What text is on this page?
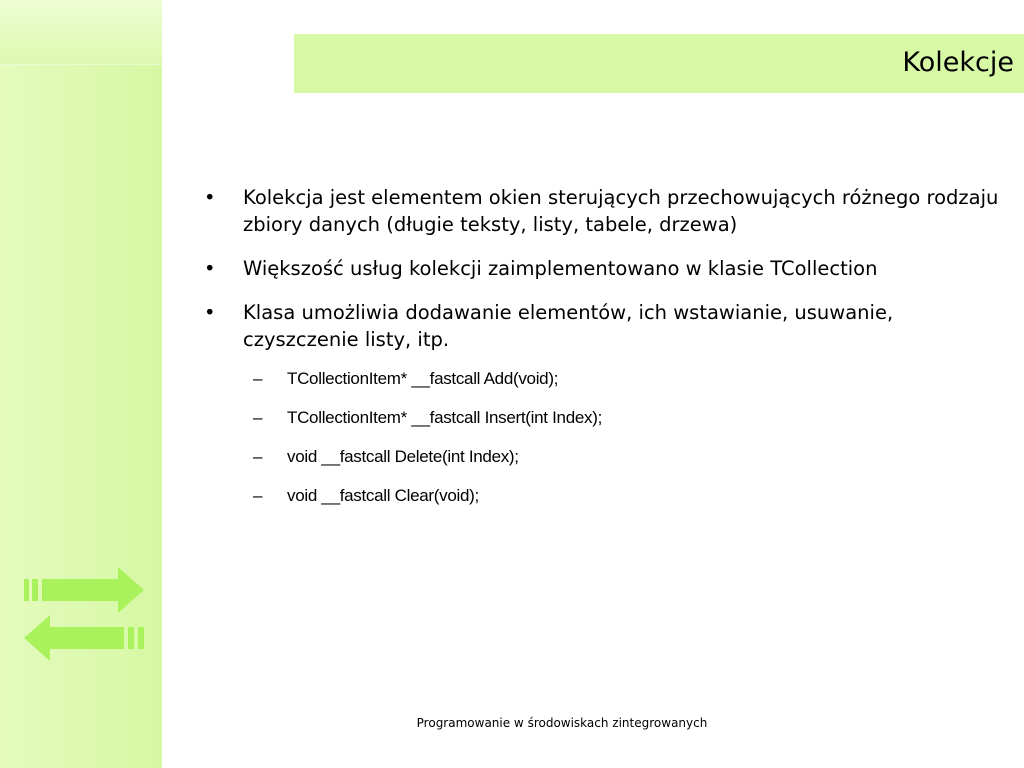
Kolekcje
• Kolekcja jest elementem okien sterujących przechowujących różnego rodzaju zbiory danych (długie teksty, listy, tabele, drzewa)
• Większość usług kolekcji zaimplementowano w klasie TCollection
• Klasa umożliwia dodawanie elementów, ich wstawianie, usuwanie, czyszczenie listy, itp.
– TCollectionItem* __fastcall Add(void);
– TCollectionItem* __fastcall Insert(int Index);
– void __fastcall Delete(int Index);
– void __fastcall Clear(void);
Programowanie w środowiskach zintegrowanych
